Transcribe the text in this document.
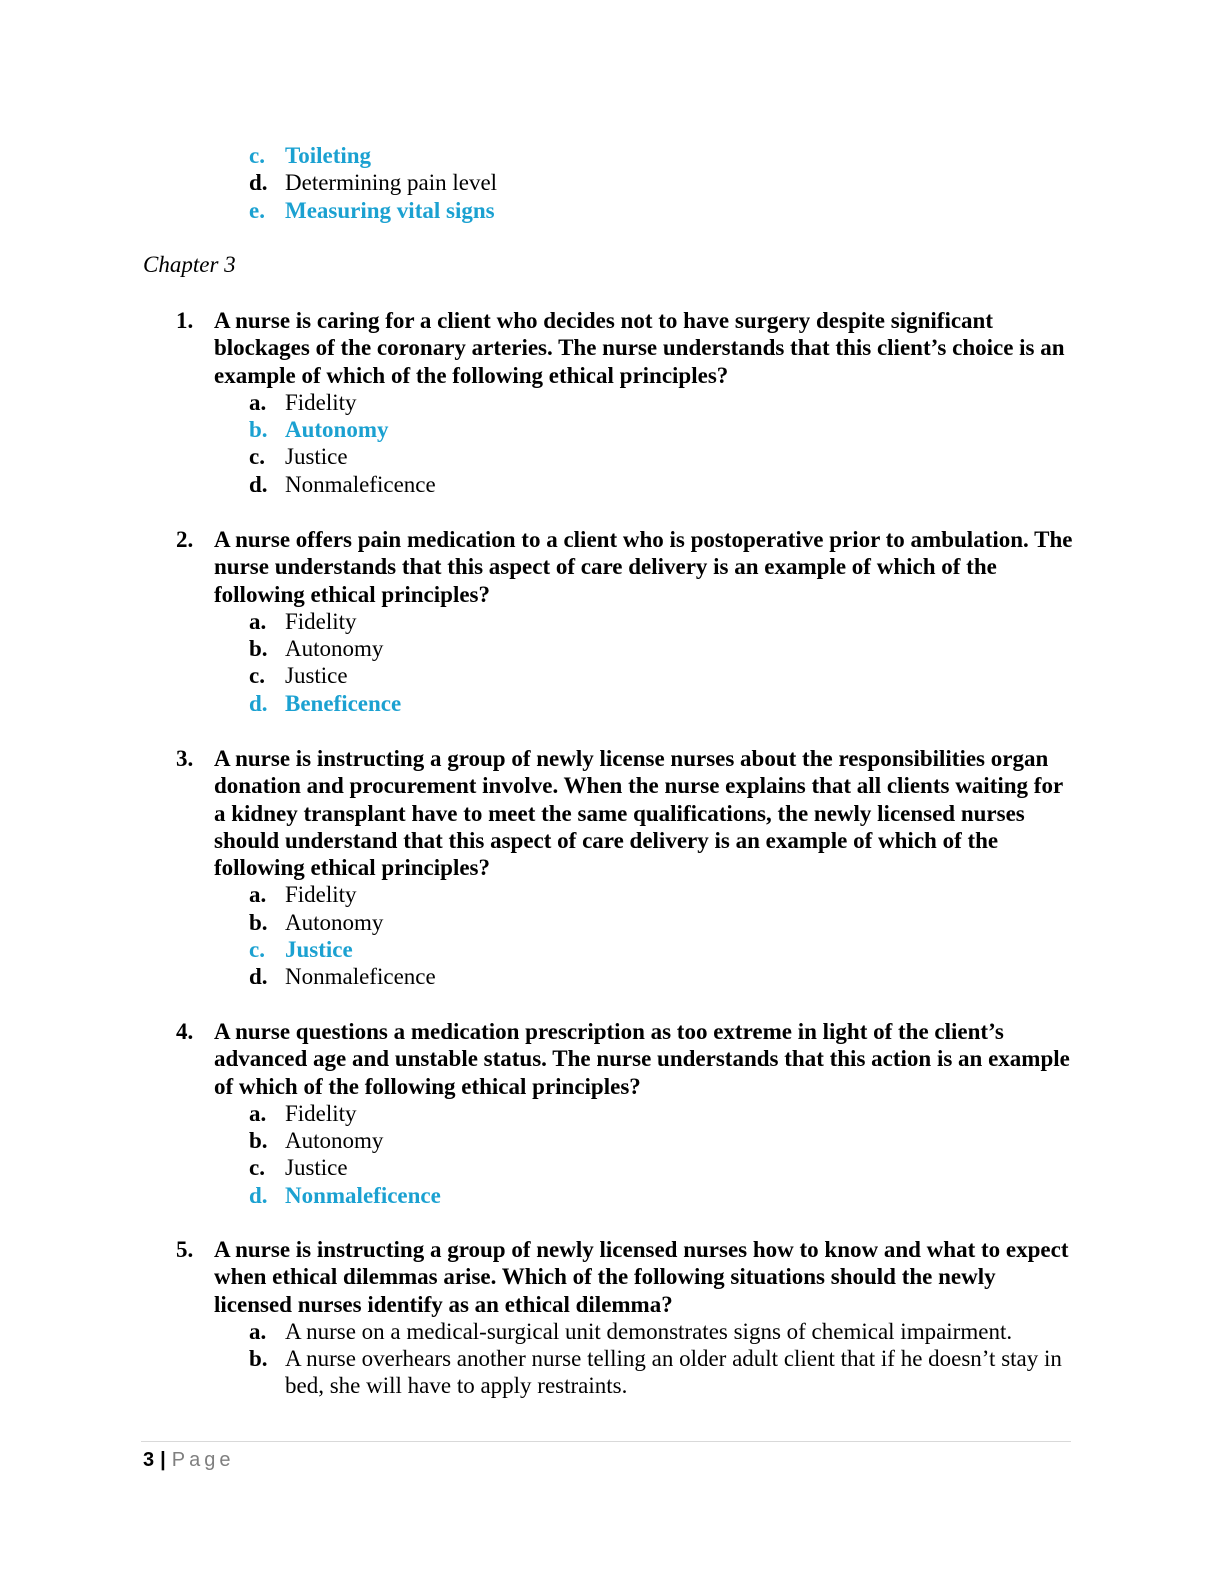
c. Toileting
d. Determining pain level
e. Measuring vital signs
Chapter 3
1. A nurse is caring for a client who decides not to have surgery despite significant blockages of the coronary arteries. The nurse understands that this client’s choice is an example of which of the following ethical principles?
a. Fidelity
b. Autonomy
c. Justice
d. Nonmaleficence
2. A nurse offers pain medication to a client who is postoperative prior to ambulation. The nurse understands that this aspect of care delivery is an example of which of the following ethical principles?
a. Fidelity
b. Autonomy
c. Justice
d. Beneficence
3. A nurse is instructing a group of newly license nurses about the responsibilities organ donation and procurement involve. When the nurse explains that all clients waiting for a kidney transplant have to meet the same qualifications, the newly licensed nurses should understand that this aspect of care delivery is an example of which of the following ethical principles?
a. Fidelity
b. Autonomy
c. Justice
d. Nonmaleficence
4. A nurse questions a medication prescription as too extreme in light of the client’s advanced age and unstable status. The nurse understands that this action is an example of which of the following ethical principles?
a. Fidelity
b. Autonomy
c. Justice
d. Nonmaleficence
5. A nurse is instructing a group of newly licensed nurses how to know and what to expect when ethical dilemmas arise. Which of the following situations should the newly licensed nurses identify as an ethical dilemma?
a. A nurse on a medical-surgical unit demonstrates signs of chemical impairment.
b. A nurse overhears another nurse telling an older adult client that if he doesn’t stay in bed, she will have to apply restraints.
3 | Page
